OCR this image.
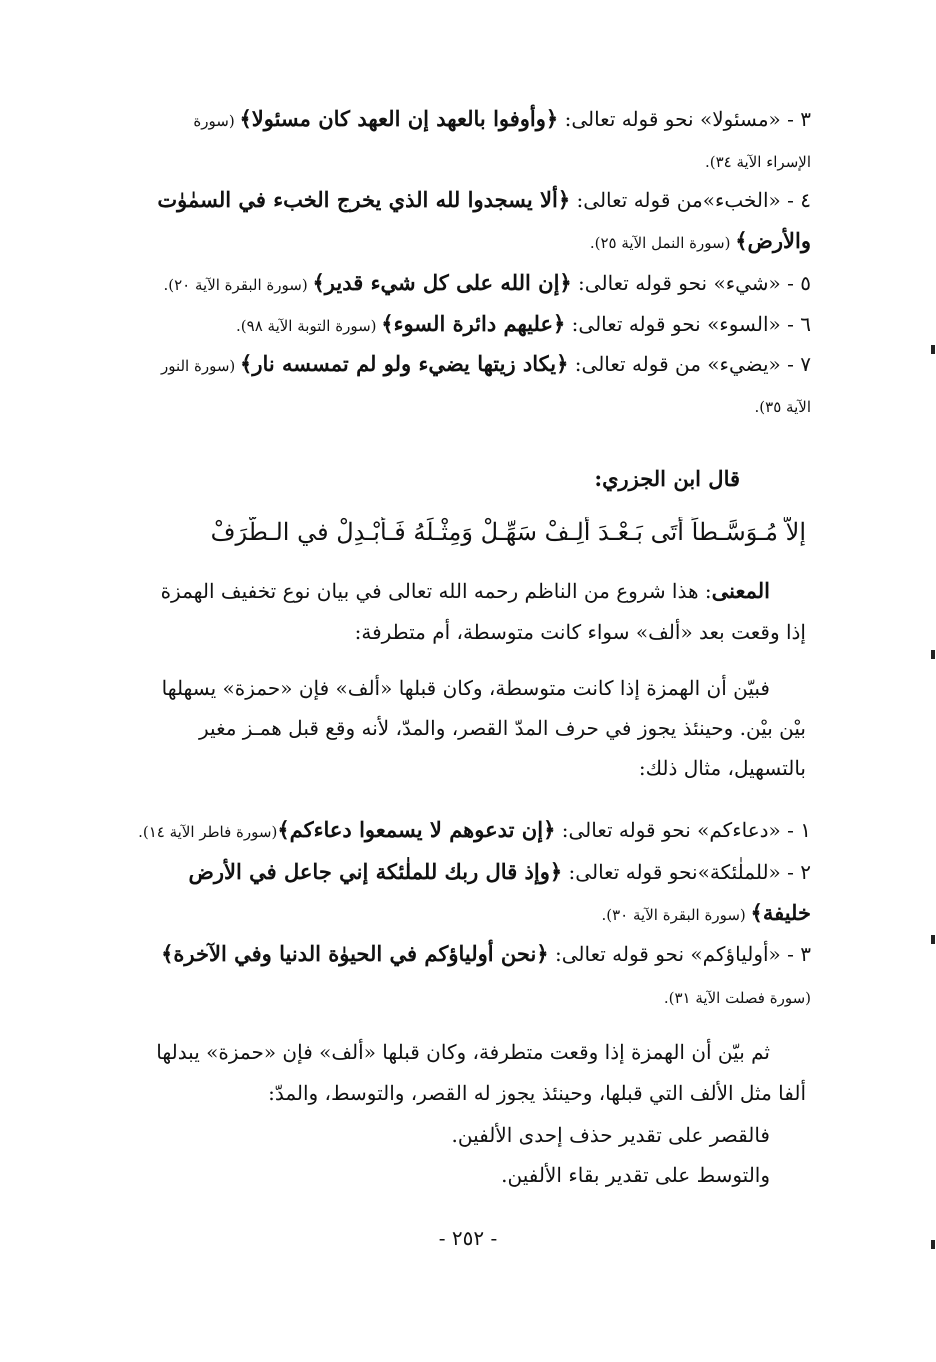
٣ - «مسئولا» نحو قوله تعالى: ﴿وأوفوا بالعهد إن العهد كان مسئولا﴾ (سورة
الإسراء الآية ٣٤).
٤ - «الخبء»من قوله تعالى: ﴿ألا يسجدوا لله الذي يخرج الخبء في السمٰوٰت
والأرض﴾ (سورة النمل الآية ٢٥).
٥ - «شيء» نحو قوله تعالى: ﴿إن الله على كل شيء قدير﴾ (سورة البقرة الآية ٢٠).
٦ - «السوء» نحو قوله تعالى: ﴿عليهم دائرة السوء﴾ (سورة التوبة الآية ٩٨).
٧ - «يضيء» من قوله تعالى: ﴿يكاد زيتها يضيء ولو لم تمسسه نار﴾ (سورة النور
الآية ٣٥).
قال ابن الجزري:
إلاَّ مُـوَسَّـطاً أَتَى بَـعْـدَ أَلِـفْ سَهِّـلْ وَمِثْـلَهُ فَـأَبْـدِلْ في الـطَّرَفْ
المعنى: هذا شروع من الناظم رحمه الله تعالى في بيان نوع تخفيف الهمزة
إذا وقعت بعد «ألف» سواء كانت متوسطة، أم متطرفة:
فبيّن أن الهمزة إذا كانت متوسطة، وكان قبلها «ألف» فإن «حمزة» يسهلها
بيْن بيْن. وحينئذ يجوز في حرف المدّ القصر، والمدّ، لأنه وقع قبل همـز مغير
بالتسهيل، مثال ذلك:
١ - «دعاءكم» نحو قوله تعالى: ﴿إن تدعوهم لا يسمعوا دعاءكم﴾(سورة فاطر الآية ١٤).
٢ - «للملٰئكة»نحو قوله تعالى: ﴿وإذ قال ربك للملٰئكة إني جاعل في الأرض
خليفة﴾ (سورة البقرة الآية ٣٠).
٣ - «أولياؤكم» نحو قوله تعالى: ﴿نحن أولياؤكم في الحيوٰة الدنيا وفي الآخرة﴾
(سورة فصلت الآية ٣١).
ثم بيّن أن الهمزة إذا وقعت متطرفة، وكان قبلها «ألف» فإن «حمزة» يبدلها
ألفا مثل الألف التي قبلها، وحينئذ يجوز له القصر، والتوسط، والمدّ:
فالقصر على تقدير حذف إحدى الألفين.
والتوسط على تقدير بقاء الألفين.
- ٢٥٢ -
